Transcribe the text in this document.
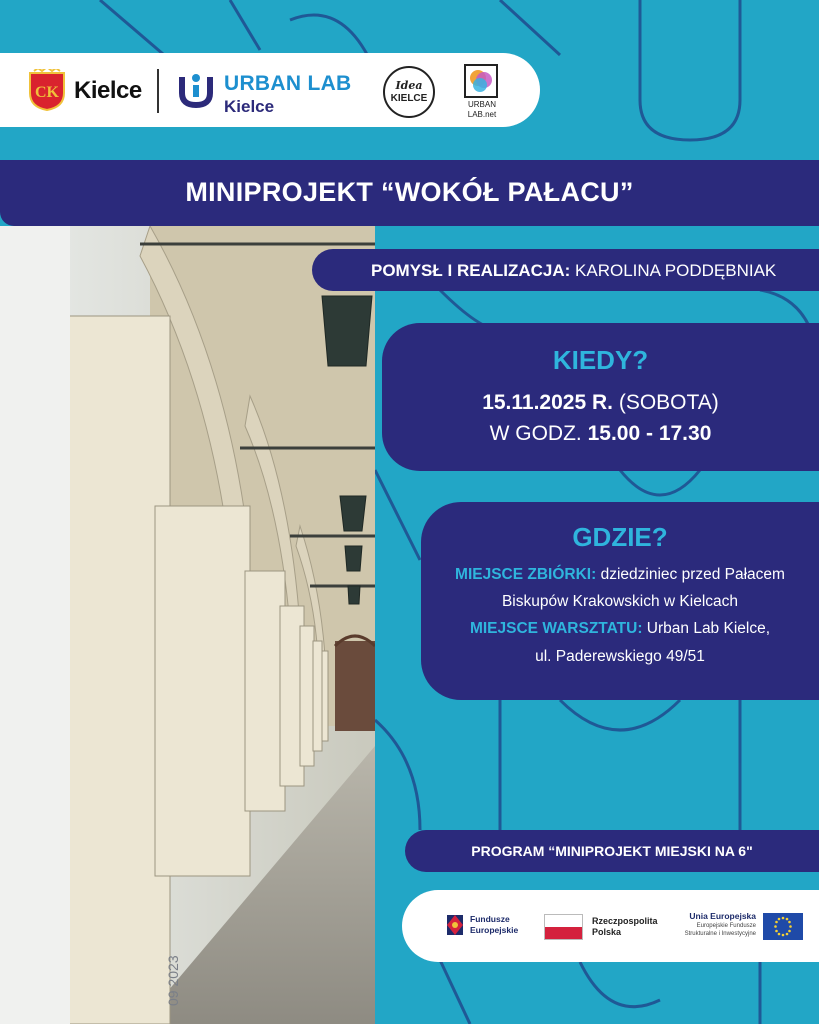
CK Kielce	URBAN LAB
Kielce
Idea
KIELCE
URBAN
LAB.net
MINIPROJEKT “WOKÓŁ PAŁACU”
09 2023
POMYSŁ I REALIZACJA: KAROLINA PODDĘBNIAK
KIEDY?
15.11.2025 R. (SOBOTA)
W GODZ. 15.00 - 17.30
GDZIE?
MIEJSCE ZBIÓRKI: dziedziniec przed Pałacem
Biskupów Krakowskich w Kielcach
MIEJSCE WARSZTATU: Urban Lab Kielce,
ul. Paderewskiego 49/51
PROGRAM “MINIPROJEKT MIEJSKI NA 6"
Fundusze
Europejskie
Rzeczpospolita
Polska
Unia Europejska
Europejskie Fundusze
Strukturalne i Inwestycyjne
